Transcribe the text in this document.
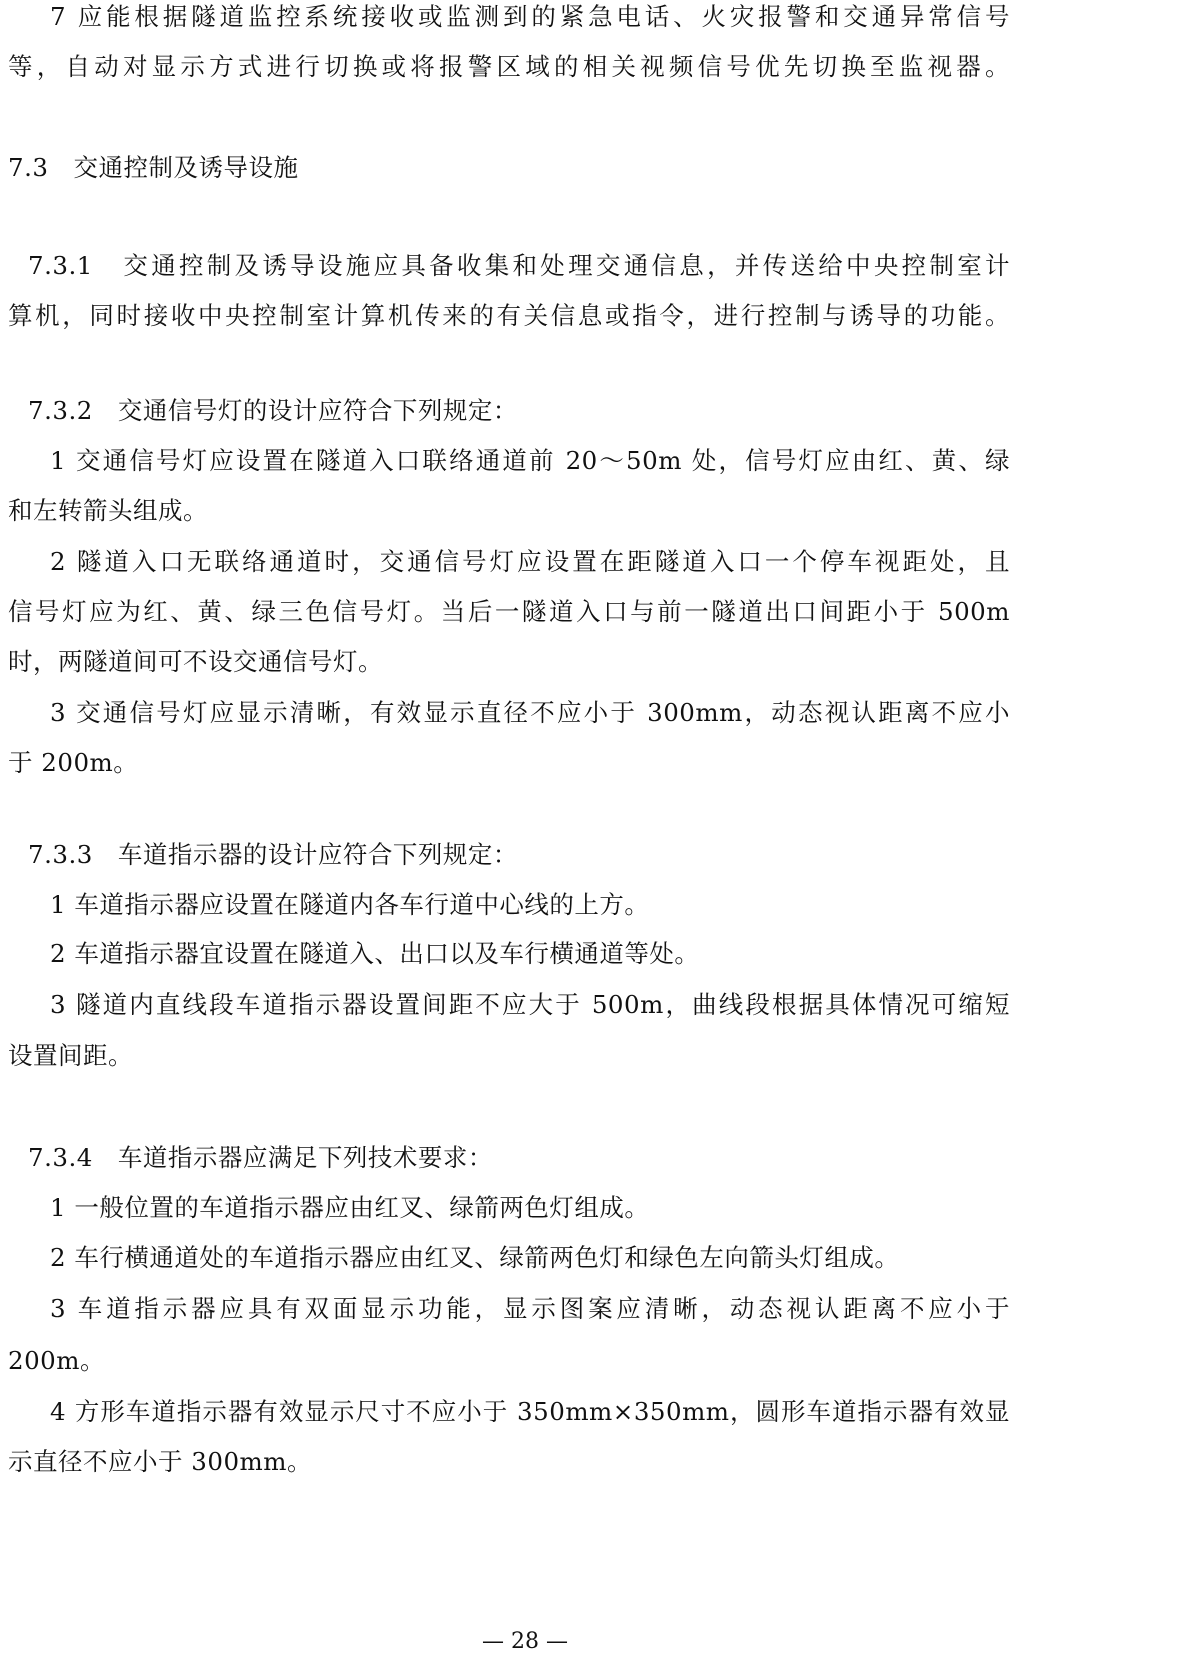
7 应能根据隧道监控系统接收或监测到的紧急电话、火灾报警和交通异常信号
等，自动对显示方式进行切换或将报警区域的相关视频信号优先切换至监视器。
7.3　交通控制及诱导设施
7.3.1　交通控制及诱导设施应具备收集和处理交通信息，并传送给中央控制室计
算机，同时接收中央控制室计算机传来的有关信息或指令，进行控制与诱导的功能。
7.3.2　交通信号灯的设计应符合下列规定：
1 交通信号灯应设置在隧道入口联络通道前 20～50m 处，信号灯应由红、黄、绿
和左转箭头组成。
2 隧道入口无联络通道时，交通信号灯应设置在距隧道入口一个停车视距处，且
信号灯应为红、黄、绿三色信号灯。当后一隧道入口与前一隧道出口间距小于 500m
时，两隧道间可不设交通信号灯。
3 交通信号灯应显示清晰，有效显示直径不应小于 300mm，动态视认距离不应小
于 200m。
7.3.3　车道指示器的设计应符合下列规定：
1 车道指示器应设置在隧道内各车行道中心线的上方。
2 车道指示器宜设置在隧道入、出口以及车行横通道等处。
3 隧道内直线段车道指示器设置间距不应大于 500m，曲线段根据具体情况可缩短
设置间距。
7.3.4　车道指示器应满足下列技术要求：
1 一般位置的车道指示器应由红叉、绿箭两色灯组成。
2 车行横通道处的车道指示器应由红叉、绿箭两色灯和绿色左向箭头灯组成。
3 车道指示器应具有双面显示功能，显示图案应清晰，动态视认距离不应小于
200m。
4 方形车道指示器有效显示尺寸不应小于 350mm×350mm，圆形车道指示器有效显
示直径不应小于 300mm。
— 28 —
